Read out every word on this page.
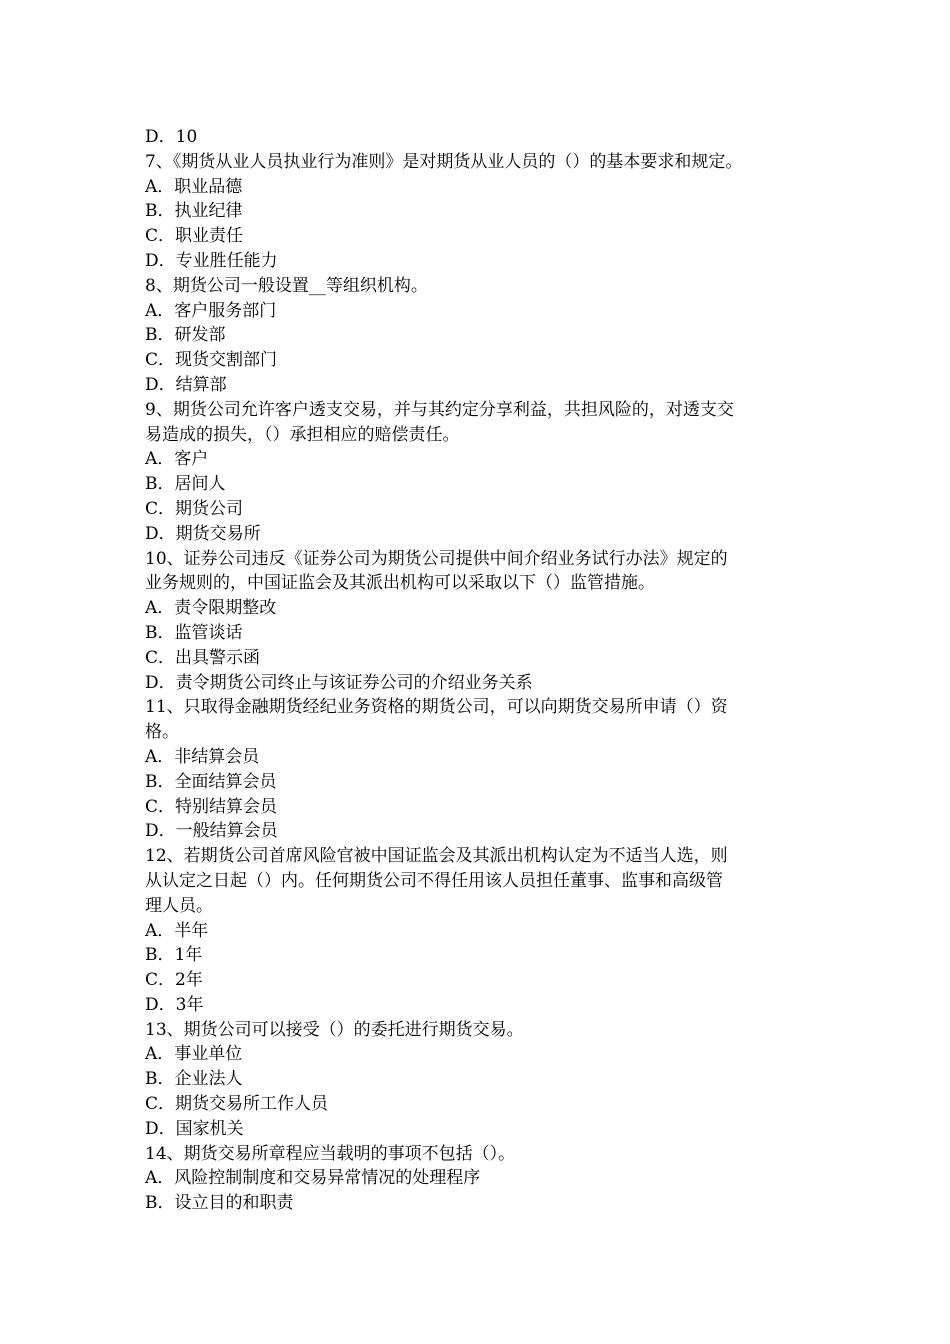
D．10
7、《期货从业人员执业行为准则》是对期货从业人员的（）的基本要求和规定。
A．职业品德
B．执业纪律
C．职业责任
D．专业胜任能力
8、期货公司一般设置__等组织机构。
A．客户服务部门
B．研发部
C．现货交割部门
D．结算部
9、期货公司允许客户透支交易，并与其约定分享利益，共担风险的，对透支交
易造成的损失，（）承担相应的赔偿责任。
A．客户
B．居间人
C．期货公司
D．期货交易所
10、证券公司违反《证券公司为期货公司提供中间介绍业务试行办法》规定的
业务规则的，中国证监会及其派出机构可以采取以下（）监管措施。
A．责令限期整改
B．监管谈话
C．出具警示函
D．责令期货公司终止与该证券公司的介绍业务关系
11、只取得金融期货经纪业务资格的期货公司，可以向期货交易所申请（）资
格。
A．非结算会员
B．全面结算会员
C．特别结算会员
D．一般结算会员
12、若期货公司首席风险官被中国证监会及其派出机构认定为不适当人选，则
从认定之日起（）内。任何期货公司不得任用该人员担任董事、监事和高级管
理人员。
A．半年
B．1年
C．2年
D．3年
13、期货公司可以接受（）的委托进行期货交易。
A．事业单位
B．企业法人
C．期货交易所工作人员
D．国家机关
14、期货交易所章程应当载明的事项不包括（）。
A．风险控制制度和交易异常情况的处理程序
B．设立目的和职责
